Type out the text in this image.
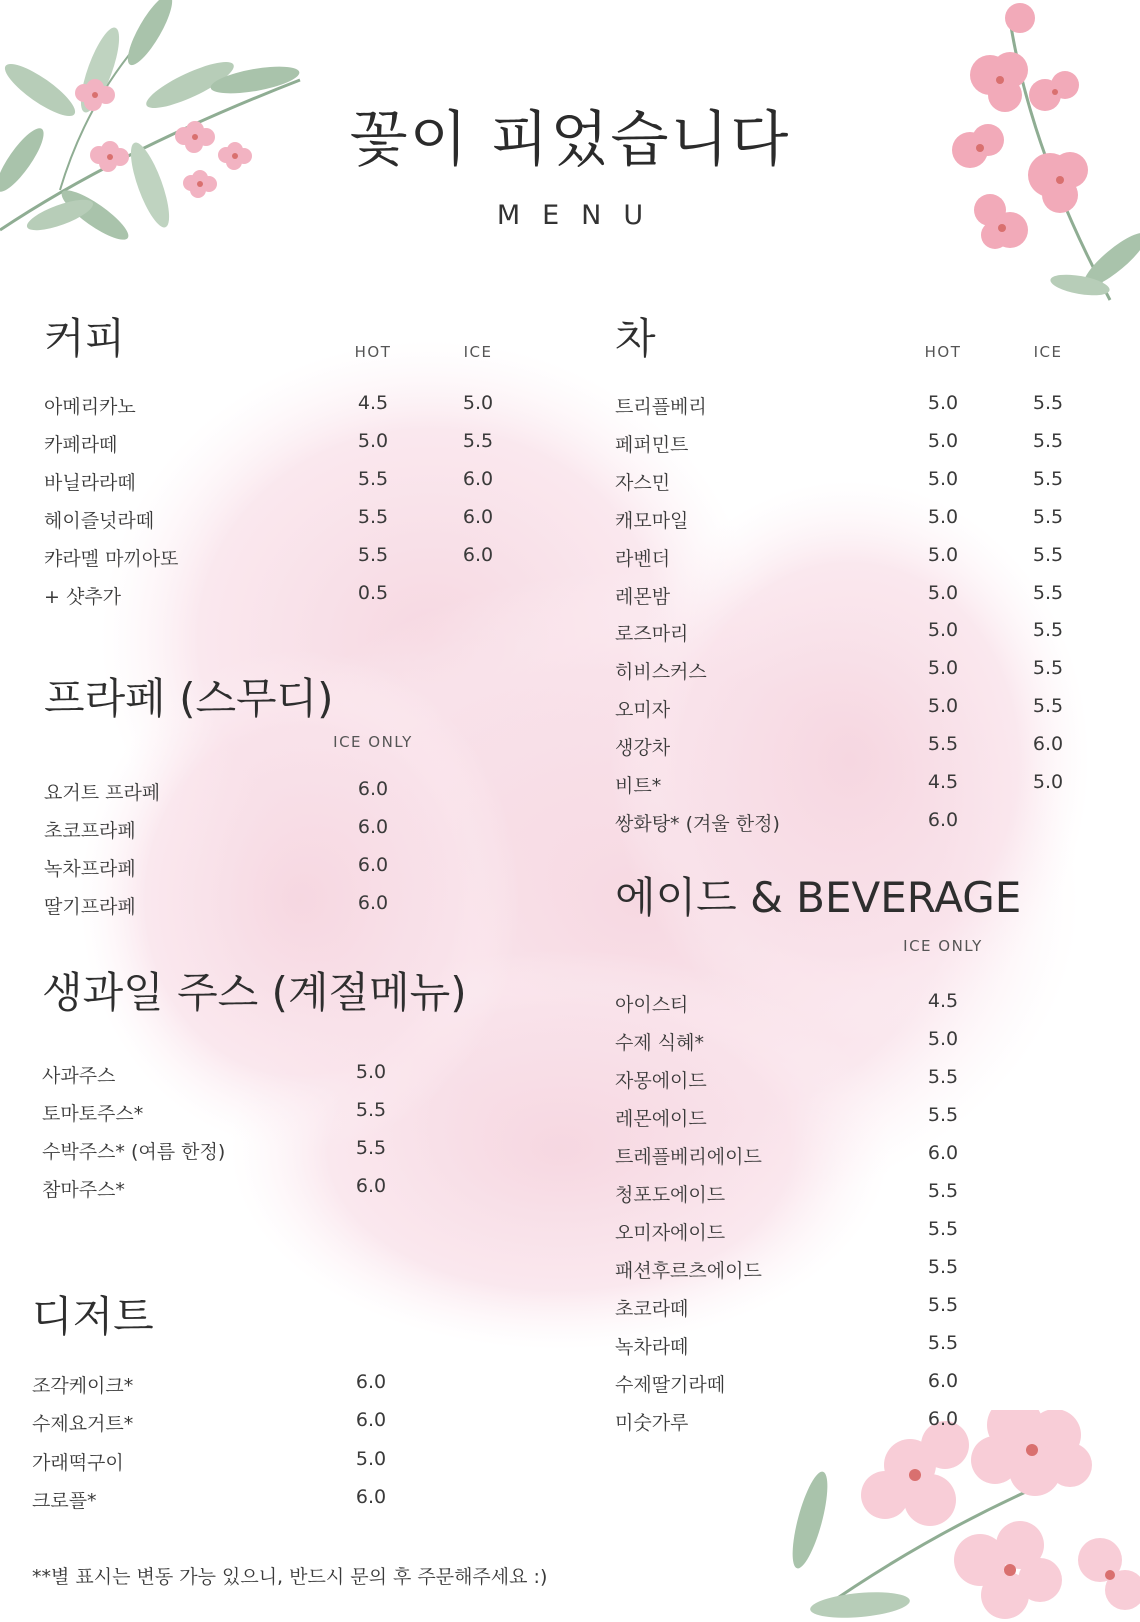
꽃이 피었습니다
MENU
커피	HOT	ICE
아메리카노	4.5	5.0
카페라떼	5.0	5.5
바닐라라떼	5.5	6.0
헤이즐넛라떼	5.5	6.0
캬라멜 마끼아또	5.5	6.0
+ 샷추가	0.5
프라페 (스무디)
ICE ONLY
요거트 프라페	6.0
초코프라페	6.0
녹차프라페	6.0
딸기프라페	6.0
생과일 주스 (계절메뉴)
사과주스	5.0
토마토주스*	5.5
수박주스* (여름 한정)	5.5
참마주스*	6.0
디저트
조각케이크*	6.0
수제요거트*	6.0
가래떡구이	5.0
크로플*	6.0
차	HOT	ICE
트리플베리	5.0	5.5
페퍼민트	5.0	5.5
자스민	5.0	5.5
캐모마일	5.0	5.5
라벤더	5.0	5.5
레몬밤	5.0	5.5
로즈마리	5.0	5.5
히비스커스	5.0	5.5
오미자	5.0	5.5
생강차	5.5	6.0
비트*	4.5	5.0
쌍화탕* (겨울 한정)	6.0
에이드 & BEVERAGE
ICE ONLY
아이스티	4.5
수제 식혜*	5.0
자몽에이드	5.5
레몬에이드	5.5
트레플베리에이드	6.0
청포도에이드	5.5
오미자에이드	5.5
패션후르츠에이드	5.5
초코라떼	5.5
녹차라떼	5.5
수제딸기라떼	6.0
미숫가루	6.0
**별 표시는 변동 가능 있으니, 반드시 문의 후 주문해주세요 :)
